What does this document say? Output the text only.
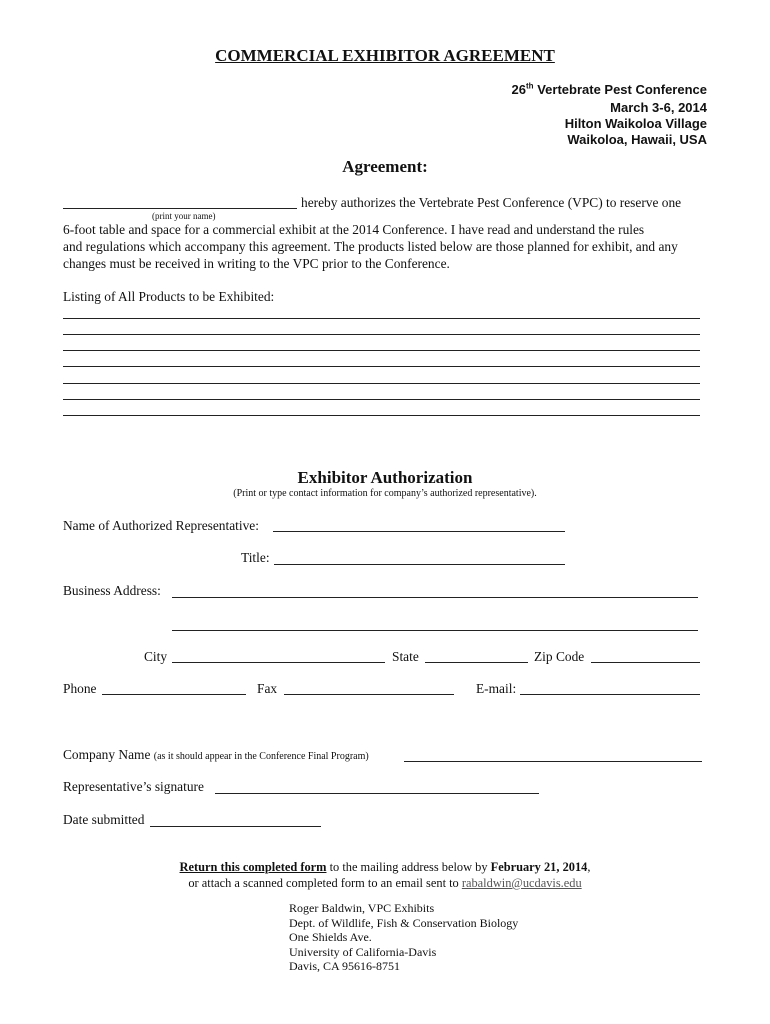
COMMERCIAL EXHIBITOR AGREEMENT
26th Vertebrate Pest Conference
March 3-6, 2014
Hilton Waikoloa Village
Waikoloa, Hawaii, USA
Agreement:
hereby authorizes the Vertebrate Pest Conference (VPC) to reserve one
(print your name)
6-foot table and space for a commercial exhibit at the 2014 Conference. I have read and understand the rules
and regulations which accompany this agreement. The products listed below are those planned for exhibit, and any
changes must be received in writing to the VPC prior to the Conference.
Listing of All Products to be Exhibited:
Exhibitor Authorization
(Print or type contact information for company’s authorized representative).
Name of Authorized Representative:
Title:
Business Address:
City	State	Zip Code
Phone	Fax	E-mail:
Company Name (as it should appear in the Conference Final Program)
Representative’s signature
Date submitted
Return this completed form to the mailing address below by February 21, 2014,
or attach a scanned completed form to an email sent to rabaldwin@ucdavis.edu
Roger Baldwin, VPC Exhibits
Dept. of Wildlife, Fish & Conservation Biology
One Shields Ave.
University of California-Davis
Davis, CA 95616-8751
